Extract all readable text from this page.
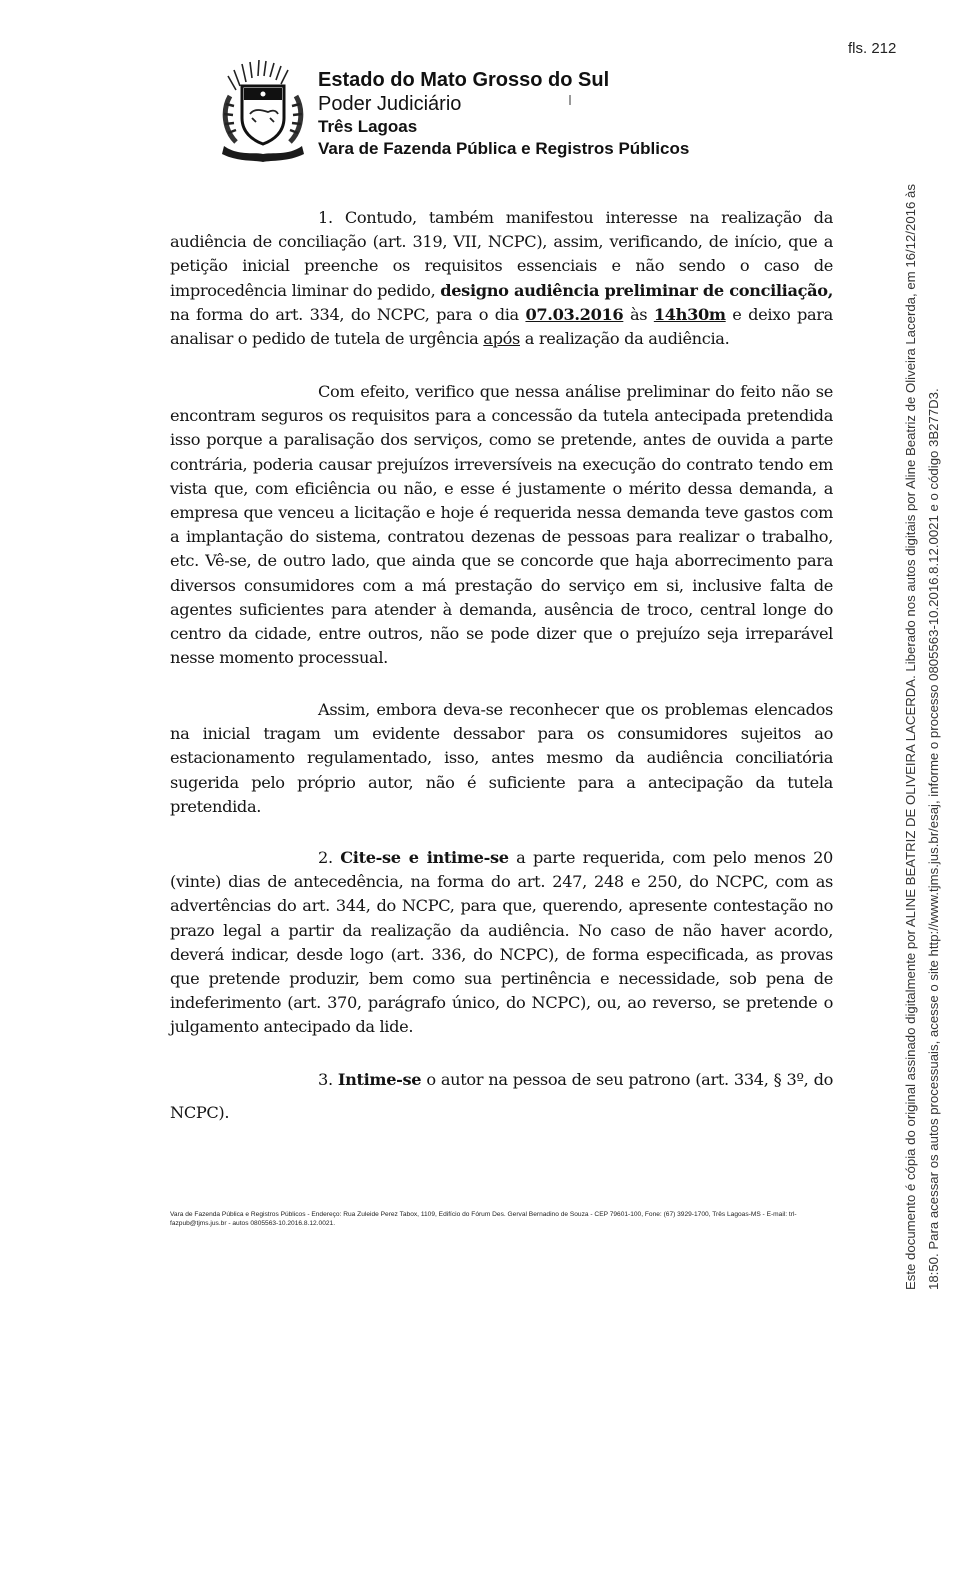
fls. 212
Estado do Mato Grosso do Sul
Poder Judiciário
Três Lagoas
Vara de Fazenda Pública e Registros Públicos

1. Contudo, também manifestou interesse na realização da audiência de conciliação (art. 319, VII, NCPC), assim, verificando, de início, que a petição inicial preenche os requisitos essenciais e não sendo o caso de improcedência liminar do pedido, designo audiência preliminar de conciliação, na forma do art. 334, do NCPC, para o dia 07.03.2016 às 14h30m e deixo para analisar o pedido de tutela de urgência após a realização da audiência.

Com efeito, verifico que nessa análise preliminar do feito não se encontram seguros os requisitos para a concessão da tutela antecipada pretendida isso porque a paralisação dos serviços, como se pretende, antes de ouvida a parte contrária, poderia causar prejuízos irreversíveis na execução do contrato tendo em vista que, com eficiência ou não, e esse é justamente o mérito dessa demanda, a empresa que venceu a licitação e hoje é requerida nessa demanda teve gastos com a implantação do sistema, contratou dezenas de pessoas para realizar o trabalho, etc. Vê-se, de outro lado, que ainda que se concorde que haja aborrecimento para diversos consumidores com a má prestação do serviço em si, inclusive falta de agentes suficientes para atender à demanda, ausência de troco, central longe do centro da cidade, entre outros, não se pode dizer que o prejuízo seja irreparável nesse momento processual.

Assim, embora deva-se reconhecer que os problemas elencados na inicial tragam um evidente dessabor para os consumidores sujeitos ao estacionamento regulamentado, isso, antes mesmo da audiência conciliatória sugerida pelo próprio autor, não é suficiente para a antecipação da tutela pretendida.

2. Cite-se e intime-se a parte requerida, com pelo menos 20 (vinte) dias de antecedência, na forma do art. 247, 248 e 250, do NCPC, com as advertências do art. 344, do NCPC, para que, querendo, apresente contestação no prazo legal a partir da realização da audiência. No caso de não haver acordo, deverá indicar, desde logo (art. 336, do NCPC), de forma especificada, as provas que pretende produzir, bem como sua pertinência e necessidade, sob pena de indeferimento (art. 370, parágrafo único, do NCPC), ou, ao reverso, se pretende o julgamento antecipado da lide.

3. Intime-se o autor na pessoa de seu patrono (art. 334, § 3º, do NCPC).

Vara de Fazenda Pública e Registros Públicos - Endereço: Rua Zuleide Perez Tabox, 1109, Edifício do Fórum Des. Gerval Bernadino de Souza - CEP 79601-100, Fone: (67) 3929-1700, Três Lagoas-MS - E-mail: trl-fazpub@tjms.jus.br - autos 0805563-10.2016.8.12.0021.	Este documento é cópia do original assinado digitalmente por ALINE BEATRIZ DE OLIVEIRA LACERDA. Liberado nos autos digitais por Aline Beatriz de Oliveira Lacerda, em 16/12/2016 às 18:50. Para acessar os autos processuais, acesse o site http://www.tjms.jus.br/esaj, informe o processo 0805563-10.2016.8.12.0021 e o código 3B277D3.
